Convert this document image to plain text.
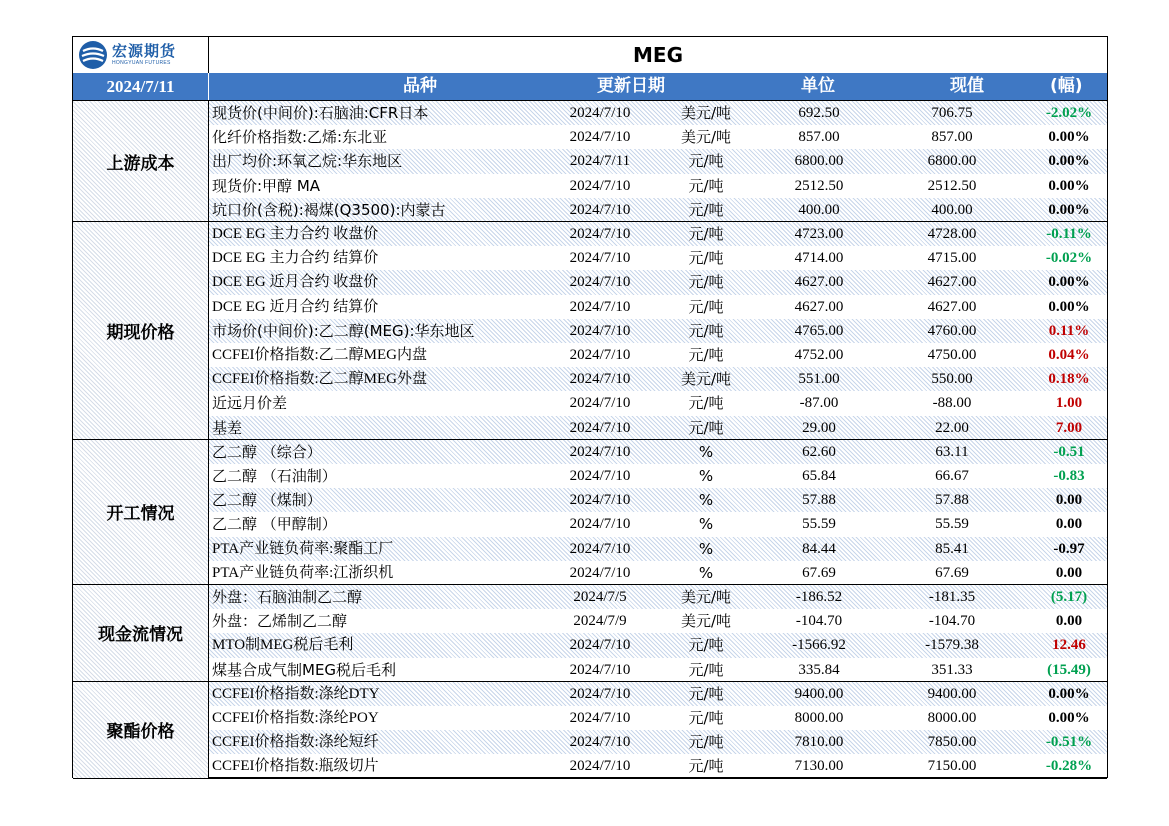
宏源期货
HONGYUAN FUTURES	MEG
2024/7/11	品种	更新日期	单位	现值	(幅)
上游成本
现货价(中间价):石脑油:CFR日本	2024/7/10	美元/吨	692.50	706.75	-2.02%
化纤价格指数:乙烯:东北亚	2024/7/10	美元/吨	857.00	857.00	0.00%
出厂均价:环氧乙烷:华东地区	2024/7/11	元/吨	6800.00	6800.00	0.00%
现货价:甲醇 MA	2024/7/10	元/吨	2512.50	2512.50	0.00%
坑口价(含税):褐煤(Q3500):内蒙古	2024/7/10	元/吨	400.00	400.00	0.00%
期现价格
DCE EG 主力合约 收盘价	2024/7/10	元/吨	4723.00	4728.00	-0.11%
DCE EG 主力合约 结算价	2024/7/10	元/吨	4714.00	4715.00	-0.02%
DCE EG 近月合约 收盘价	2024/7/10	元/吨	4627.00	4627.00	0.00%
DCE EG 近月合约 结算价	2024/7/10	元/吨	4627.00	4627.00	0.00%
市场价(中间价):乙二醇(MEG):华东地区	2024/7/10	元/吨	4765.00	4760.00	0.11%
CCFEI价格指数:乙二醇MEG内盘	2024/7/10	元/吨	4752.00	4750.00	0.04%
CCFEI价格指数:乙二醇MEG外盘	2024/7/10	美元/吨	551.00	550.00	0.18%
近远月价差	2024/7/10	元/吨	-87.00	-88.00	1.00
基差	2024/7/10	元/吨	29.00	22.00	7.00
开工情况
乙二醇 （综合）	2024/7/10	%	62.60	63.11	-0.51
乙二醇 （石油制）	2024/7/10	%	65.84	66.67	-0.83
乙二醇 （煤制）	2024/7/10	%	57.88	57.88	0.00
乙二醇 （甲醇制）	2024/7/10	%	55.59	55.59	0.00
PTA产业链负荷率:聚酯工厂	2024/7/10	%	84.44	85.41	-0.97
PTA产业链负荷率:江浙织机	2024/7/10	%	67.69	67.69	0.00
现金流情况
外盘：石脑油制乙二醇	2024/7/5	美元/吨	-186.52	-181.35	(5.17)
外盘：乙烯制乙二醇	2024/7/9	美元/吨	-104.70	-104.70	0.00
MTO制MEG税后毛利	2024/7/10	元/吨	-1566.92	-1579.38	12.46
煤基合成气制MEG税后毛利	2024/7/10	元/吨	335.84	351.33	(15.49)
聚酯价格
CCFEI价格指数:涤纶DTY	2024/7/10	元/吨	9400.00	9400.00	0.00%
CCFEI价格指数:涤纶POY	2024/7/10	元/吨	8000.00	8000.00	0.00%
CCFEI价格指数:涤纶短纤	2024/7/10	元/吨	7810.00	7850.00	-0.51%
CCFEI价格指数:瓶级切片	2024/7/10	元/吨	7130.00	7150.00	-0.28%
